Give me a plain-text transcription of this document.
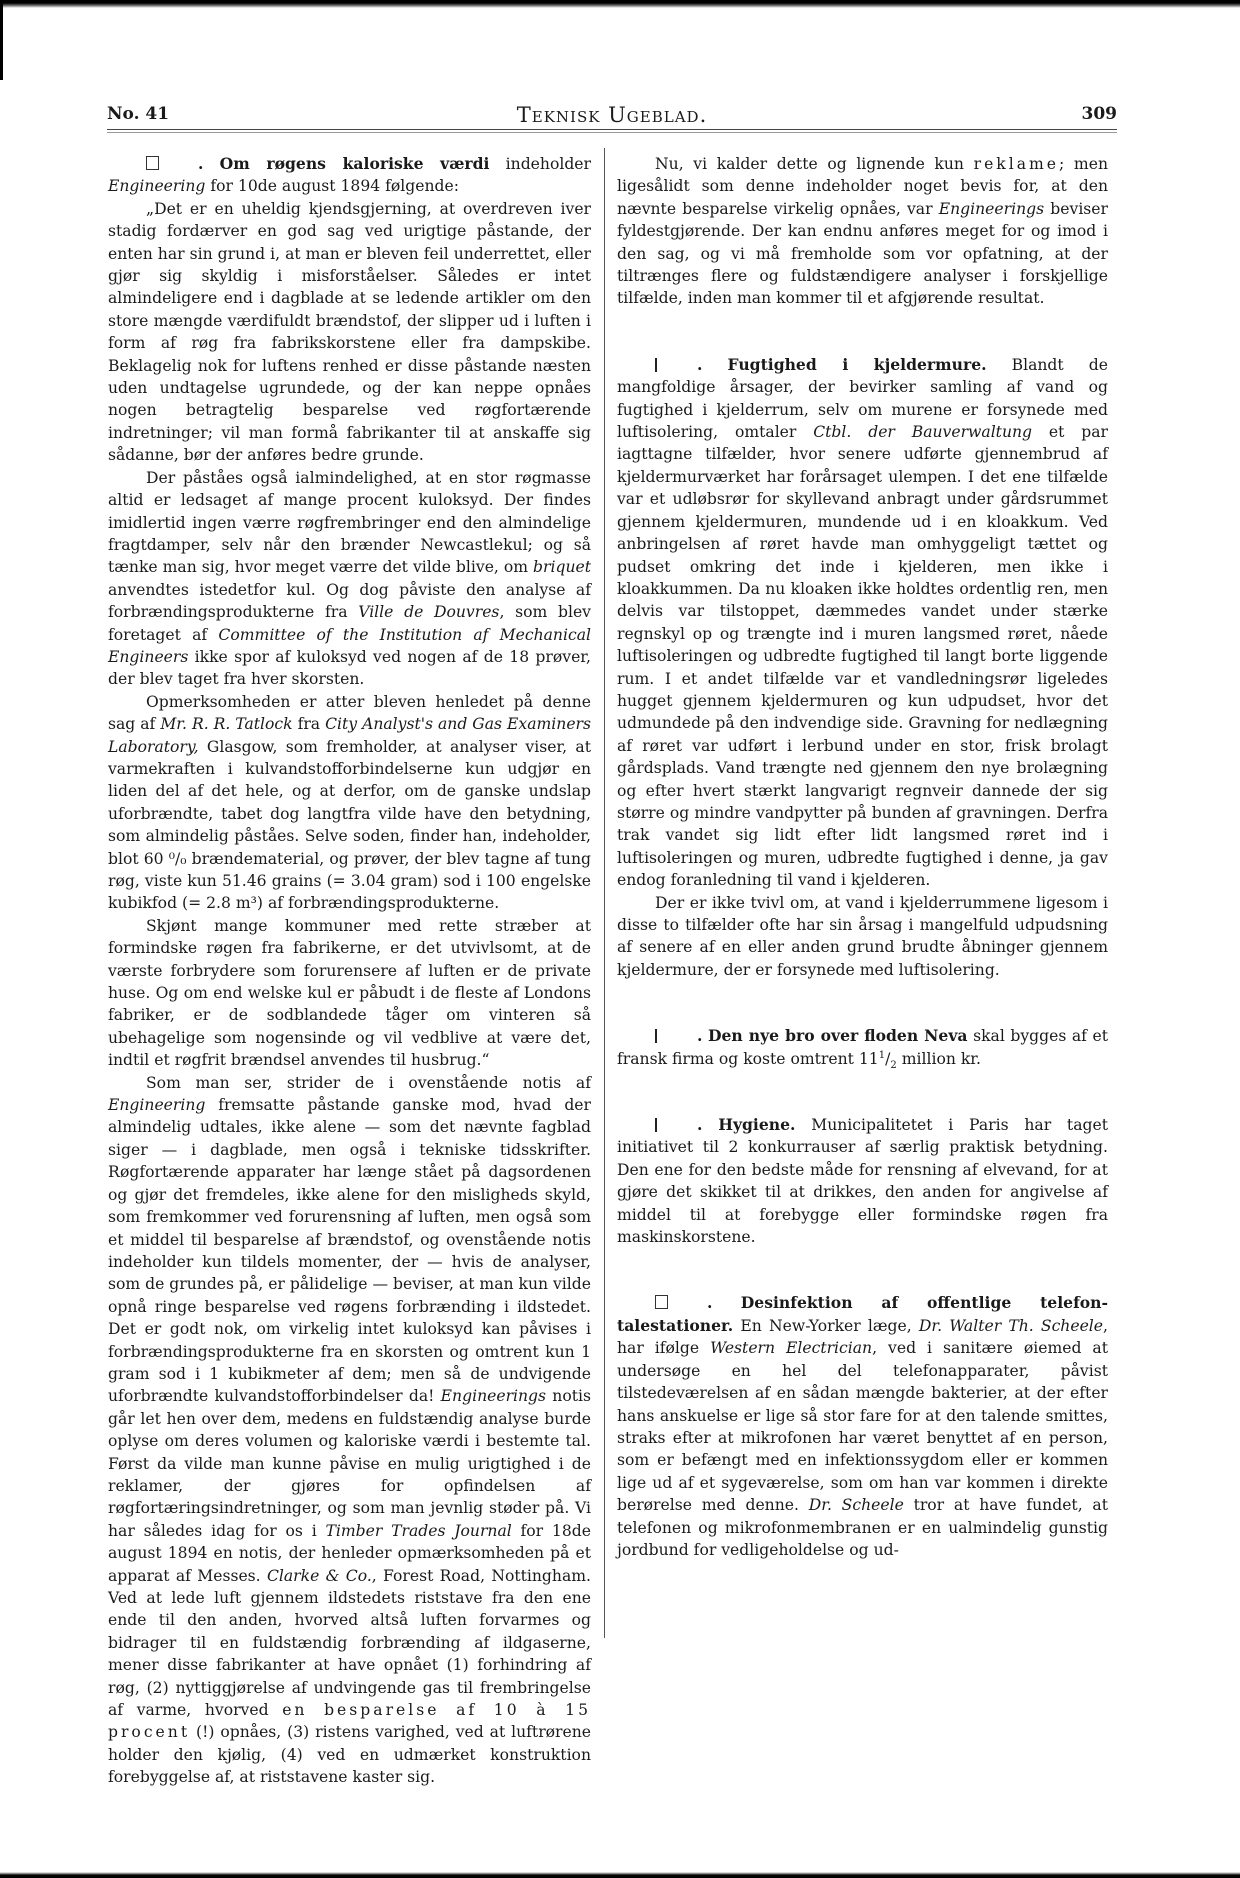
No. 41	Teknisk Ugeblad.	309

. Om røgens kaloriske værdi indeholder Engineering for 10de august 1894 følgende:

„Det er en uheldig kjendsgjerning, at overdreven iver stadig fordærver en god sag ved urigtige påstande, der enten har sin grund i, at man er bleven feil underrettet, eller gjør sig skyldig i misforståelser. Således er intet almindeligere end i dagblade at se ledende artikler om den store mængde værdifuldt brændstof, der slipper ud i luften i form af røg fra fabrikskorstene eller fra dampskibe. Beklagelig nok for luftens renhed er disse påstande næsten uden undtagelse ugrundede, og der kan neppe opnåes nogen betragtelig besparelse ved røgfortærende indretninger; vil man formå fabrikanter til at anskaffe sig sådanne, bør der anføres bedre grunde.

Der påståes også ialmindelighed, at en stor røgmasse altid er ledsaget af mange procent kuloksyd. Der findes imidlertid ingen værre røgfrembringer end den almindelige fragtdamper, selv når den brænder Newcastlekul; og så tænke man sig, hvor meget værre det vilde blive, om briquet anvendtes istedetfor kul. Og dog påviste den analyse af forbrændingsprodukterne fra Ville de Douvres, som blev foretaget af Committee of the Institution af Mechanical Engineers ikke spor af kuloksyd ved nogen af de 18 prøver, der blev taget fra hver skorsten.

Opmerksomheden er atter bleven henledet på denne sag af Mr. R. R. Tatlock fra City Analyst's and Gas Examiners Laboratory, Glasgow, som fremholder, at analyser viser, at varmekraften i kulvandstofforbindelserne kun udgjør en liden del af det hele, og at derfor, om de ganske undslap uforbrændte, tabet dog langtfra vilde have den betydning, som almindelig påståes. Selve soden, finder han, indeholder, blot 60 ⁰/₀ brændematerial, og prøver, der blev tagne af tung røg, viste kun 51.46 grains (= 3.04 gram) sod i 100 engelske kubikfod (= 2.8 m³) af forbrændingsprodukterne.

Skjønt mange kommuner med rette stræber at formindske røgen fra fabrikerne, er det utvivlsomt, at de værste forbrydere som forurensere af luften er de private huse. Og om end welske kul er påbudt i de fleste af Londons fabriker, er de sodblandede tåger om vinteren så ubehagelige som nogensinde og vil vedblive at være det, indtil et røgfrit brændsel anvendes til husbrug.“

Som man ser, strider de i ovenstående notis af Engineering fremsatte påstande ganske mod, hvad der almindelig udtales, ikke alene — som det nævnte fagblad siger — i dagblade, men også i tekniske tidsskrifter. Røgfortærende apparater har længe stået på dagsordenen og gjør det fremdeles, ikke alene for den misligheds skyld, som fremkommer ved forurensning af luften, men også som et middel til besparelse af brændstof, og ovenstående notis indeholder kun tildels momenter, der — hvis de analyser, som de grundes på, er pålidelige — beviser, at man kun vilde opnå ringe besparelse ved røgens forbrænding i ildstedet. Det er godt nok, om virkelig intet kuloksyd kan påvises i forbrændingsprodukterne fra en skorsten og omtrent kun 1 gram sod i 1 kubikmeter af dem; men så de undvigende uforbrændte kulvandstofforbindelser da! Engineerings notis går let hen over dem, medens en fuldstændig analyse burde oplyse om deres volumen og kaloriske værdi i bestemte tal. Først da vilde man kunne påvise en mulig urigtighed i de reklamer, der gjøres for opfindelsen af røgfortæringsindretninger, og som man jevnlig støder på. Vi har således idag for os i Timber Trades Journal for 18de august 1894 en notis, der henleder opmærksomheden på et apparat af Messes. Clarke & Co., Forest Road, Nottingham. Ved at lede luft gjennem ildstedets riststave fra den ene ende til den anden, hvorved altså luften forvarmes og bidrager til en fuldstændig forbrænding af ildgaserne, mener disse fabrikanter at have opnået (1) forhindring af røg, (2) nyttiggjørelse af undvingende gas til frembringelse af varme, hvorved en besparelse af 10 à 15 procent (!) opnåes, (3) ristens varighed, ved at luftrørene holder den kjølig, (4) ved en udmærket konstruktion forebyggelse af, at riststavene kaster sig.

Nu, vi kalder dette og lignende kun reklame; men ligesålidt som denne indeholder noget bevis for, at den nævnte besparelse virkelig opnåes, var Engineerings beviser fyldestgjørende. Der kan endnu anføres meget for og imod i den sag, og vi må fremholde som vor opfatning, at der tiltrænges flere og fuldstændigere analyser i forskjellige tilfælde, inden man kommer til et afgjørende resultat.

. Fugtighed i kjeldermure. Blandt de mangfoldige årsager, der bevirker samling af vand og fugtighed i kjelderrum, selv om murene er forsynede med luftisolering, omtaler Ctbl. der Bauverwaltung et par iagttagne tilfælder, hvor senere udførte gjennembrud af kjeldermurværket har forårsaget ulempen. I det ene tilfælde var et udløbsrør for skyllevand anbragt under gårdsrummet gjennem kjeldermuren, mundende ud i en kloakkum. Ved anbringelsen af røret havde man omhyggeligt tættet og pudset omkring det inde i kjelderen, men ikke i kloakkummen. Da nu kloaken ikke holdtes ordentlig ren, men delvis var tilstoppet, dæmmedes vandet under stærke regnskyl op og trængte ind i muren langsmed røret, nåede luftisoleringen og udbredte fugtighed til langt borte liggende rum. I et andet tilfælde var et vandledningsrør ligeledes hugget gjennem kjeldermuren og kun udpudset, hvor det udmundede på den indvendige side. Gravning for nedlægning af røret var udført i lerbund under en stor, frisk brolagt gårdsplads. Vand trængte ned gjennem den nye brolægning og efter hvert stærkt langvarigt regnveir dannede der sig større og mindre vandpytter på bunden af gravningen. Derfra trak vandet sig lidt efter lidt langsmed røret ind i luftisoleringen og muren, udbredte fugtighed i denne, ja gav endog foranledning til vand i kjelderen.

Der er ikke tvivl om, at vand i kjelderrummene ligesom i disse to tilfælder ofte har sin årsag i mangelfuld udpudsning af senere af en eller anden grund brudte åbninger gjennem kjeldermure, der er forsynede med luftisolering.

. Den nye bro over floden Neva skal bygges af et fransk firma og koste omtrent $11^1/_2$ million kr.

. Hygiene. Municipalitetet i Paris har taget initiativet til 2 konkurrauser af særlig praktisk betydning. Den ene for den bedste måde for rensning af elvevand, for at gjøre det skikket til at drikkes, den anden for angivelse af middel til at forebygge eller formindske røgen fra maskinskorstene.

. Desinfektion af offentlige telefon-talestationer. En New-Yorker læge, Dr. Walter Th. Scheele, har ifølge Western Electrician, ved i sanitære øiemed at undersøge en hel del telefonapparater, påvist tilstedeværelsen af en sådan mængde bakterier, at der efter hans anskuelse er lige så stor fare for at den talende smittes, straks efter at mikrofonen har været benyttet af en person, som er befængt med en infektionssygdom eller er kommen lige ud af et sygeværelse, som om han var kommen i direkte berørelse med denne. Dr. Scheele tror at have fundet, at telefonen og mikrofonmembranen er en ualmindelig gunstig jordbund for vedligeholdelse og ud-
